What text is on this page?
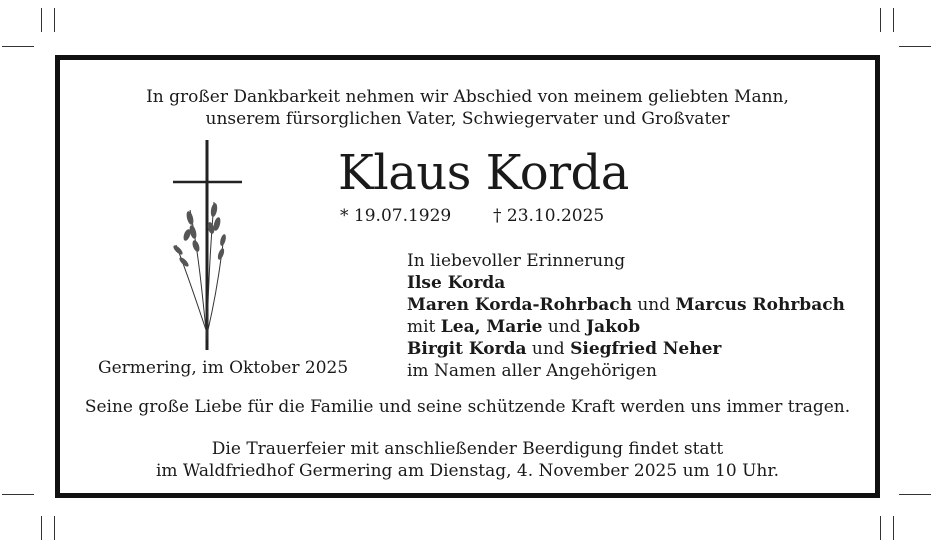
In großer Dankbarkeit nehmen wir Abschied von meinem geliebten Mann,
unserem fürsorglichen Vater, Schwiegervater und Großvater
Klaus Korda
* 19.07.1929 † 23.10.2025
In liebevoller Erinnerung
Ilse Korda
Maren Korda-Rohrbach und Marcus Rohrbach
mit Lea, Marie und Jakob
Birgit Korda und Siegfried Neher
im Namen aller Angehörigen
Germering, im Oktober 2025
Seine große Liebe für die Familie und seine schützende Kraft werden uns immer tragen.
Die Trauerfeier mit anschließender Beerdigung findet statt
im Waldfriedhof Germering am Dienstag, 4. November 2025 um 10 Uhr.
